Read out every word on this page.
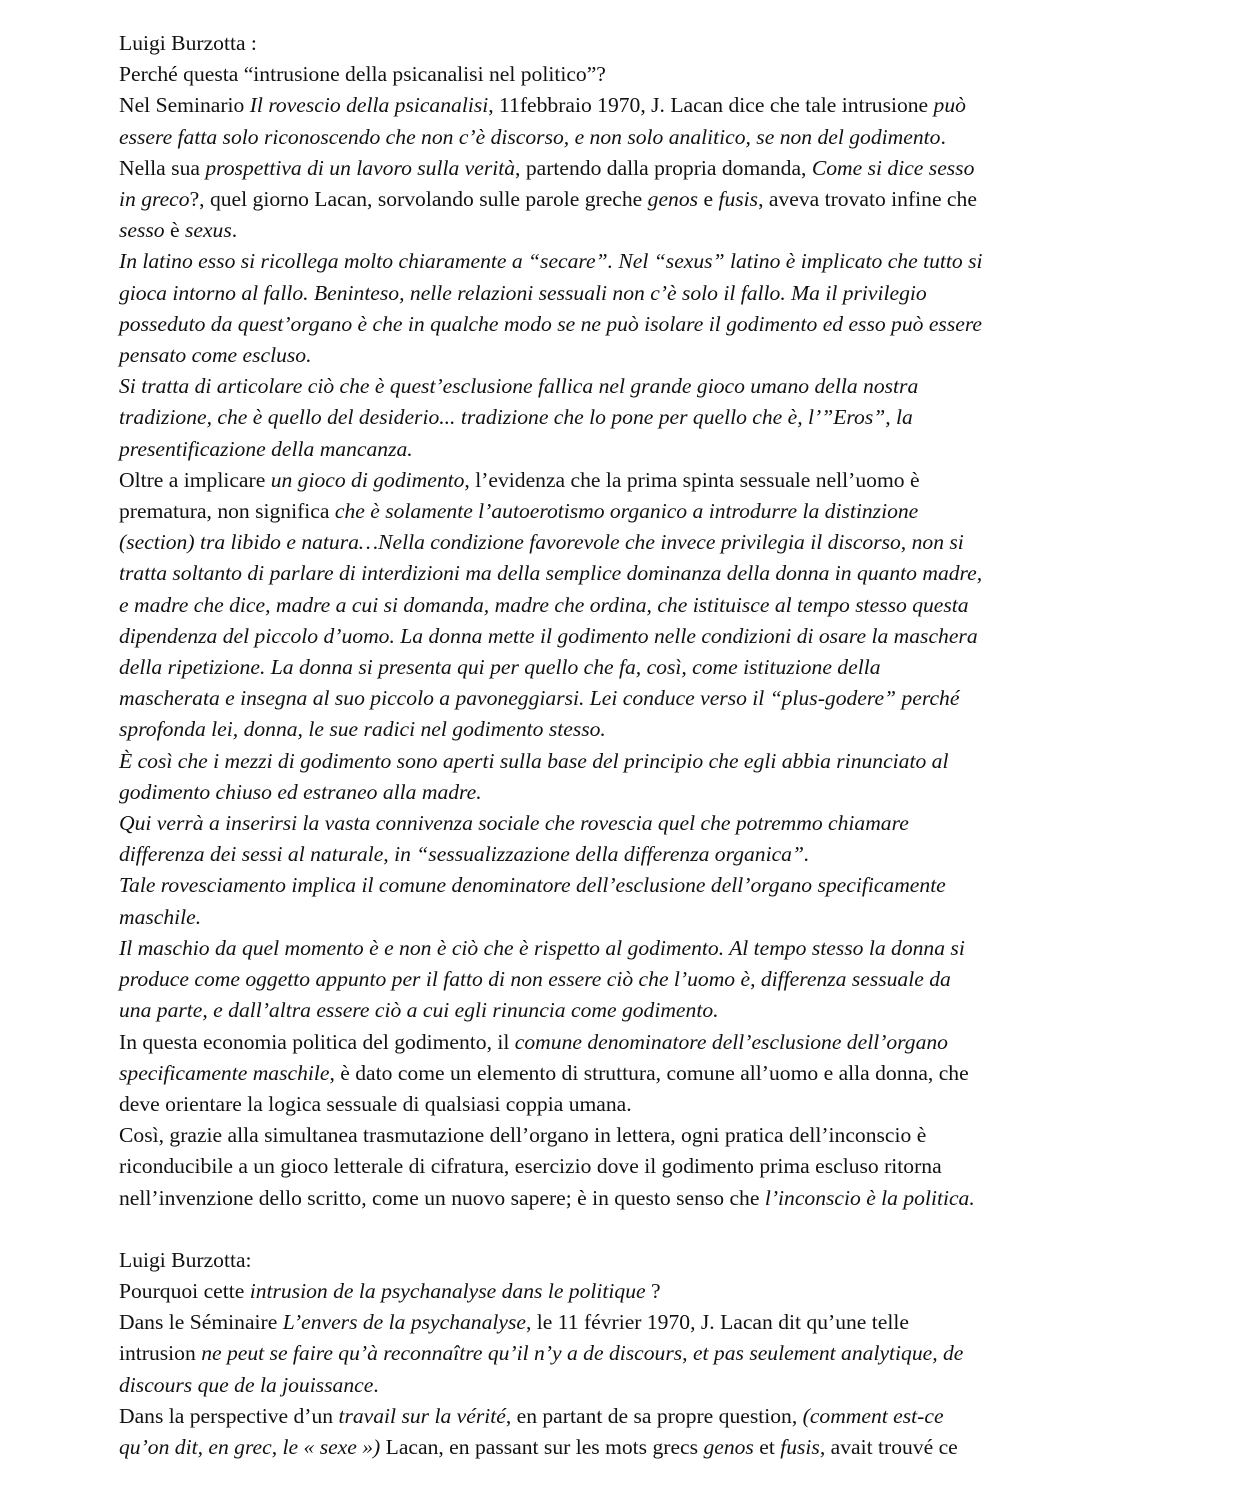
Luigi Burzotta :
Perché questa “intrusione della psicanalisi nel politico”?
Nel Seminario Il rovescio della psicanalisi, 11febbraio 1970, J. Lacan dice che tale intrusione può
essere fatta solo riconoscendo che non c’è discorso, e non solo analitico, se non del godimento.
Nella sua prospettiva di un lavoro sulla verità, partendo dalla propria domanda, Come si dice sesso
in greco?, quel giorno Lacan, sorvolando sulle parole greche genos e fusis, aveva trovato infine che
sesso è sexus.
In latino esso si ricollega molto chiaramente a “secare”. Nel “sexus” latino è implicato che tutto si
gioca intorno al fallo. Beninteso, nelle relazioni sessuali non c’è solo il fallo. Ma il privilegio
posseduto da quest’organo è che in qualche modo se ne può isolare il godimento ed esso può essere
pensato come escluso.
Si tratta di articolare ciò che è quest’esclusione fallica nel grande gioco umano della nostra
tradizione, che è quello del desiderio... tradizione che lo pone per quello che è, l’”Eros”, la
presentificazione della mancanza.
Oltre a implicare un gioco di godimento, l’evidenza che la prima spinta sessuale nell’uomo è
prematura, non significa che è solamente l’autoerotismo organico a introdurre la distinzione
(section) tra libido e natura…Nella condizione favorevole che invece privilegia il discorso, non si
tratta soltanto di parlare di interdizioni ma della semplice dominanza della donna in quanto madre,
e madre che dice, madre a cui si domanda, madre che ordina, che istituisce al tempo stesso questa
dipendenza del piccolo d’uomo. La donna mette il godimento nelle condizioni di osare la maschera
della ripetizione. La donna si presenta qui per quello che fa, così, come istituzione della
mascherata e insegna al suo piccolo a pavoneggiarsi. Lei conduce verso il “plus-godere” perché
sprofonda lei, donna, le sue radici nel godimento stesso.
È così che i mezzi di godimento sono aperti sulla base del principio che egli abbia rinunciato al
godimento chiuso ed estraneo alla madre.
Qui verrà a inserirsi la vasta connivenza sociale che rovescia quel che potremmo chiamare
differenza dei sessi al naturale, in “sessualizzazione della differenza organica”.
Tale rovesciamento implica il comune denominatore dell’esclusione dell’organo specificamente
maschile.
Il maschio da quel momento è e non è ciò che è rispetto al godimento. Al tempo stesso la donna si
produce come oggetto appunto per il fatto di non essere ciò che l’uomo è, differenza sessuale da
una parte, e dall’altra essere ciò a cui egli rinuncia come godimento.
In questa economia politica del godimento, il comune denominatore dell’esclusione dell’organo
specificamente maschile, è dato come un elemento di struttura, comune all’uomo e alla donna, che
deve orientare la logica sessuale di qualsiasi coppia umana.
Così, grazie alla simultanea trasmutazione dell’organo in lettera, ogni pratica dell’inconscio è
riconducibile a un gioco letterale di cifratura, esercizio dove il godimento prima escluso ritorna
nell’invenzione dello scritto, come un nuovo sapere; è in questo senso che l’inconscio è la politica.
Luigi Burzotta:
Pourquoi cette intrusion de la psychanalyse dans le politique ?
Dans le Séminaire L’envers de la psychanalyse, le 11 février 1970, J. Lacan dit qu’une telle
intrusion ne peut se faire qu’à reconnaître qu’il n’y a de discours, et pas seulement analytique, de
discours que de la jouissance.
Dans la perspective d’un travail sur la vérité, en partant de sa propre question, (comment est-ce
qu’on dit, en grec, le « sexe ») Lacan, en passant sur les mots grecs genos et fusis, avait trouvé ce
